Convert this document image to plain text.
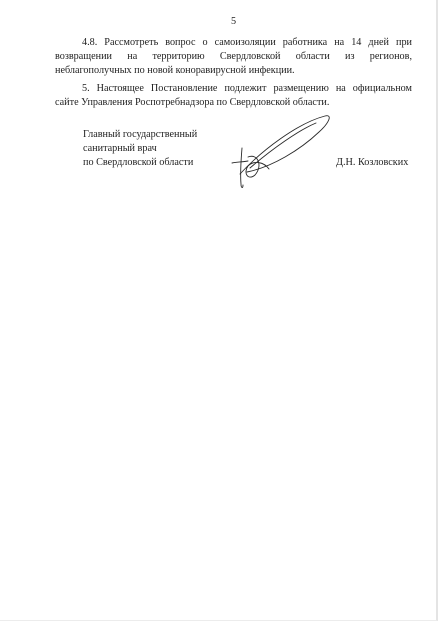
5
4.8. Рассмотреть вопрос о самоизоляции работника на 14 дней при
возвращении на территорию Свердловской области из регионов,
неблагополучных по новой коноравирусной инфекции.
5. Настоящее Постановление подлежит размещению на официальном
сайте Управления Роспотребнадзора по Свердловской области.
Главный государственный
санитарный врач
по Свердловской области	Д.Н. Козловских
